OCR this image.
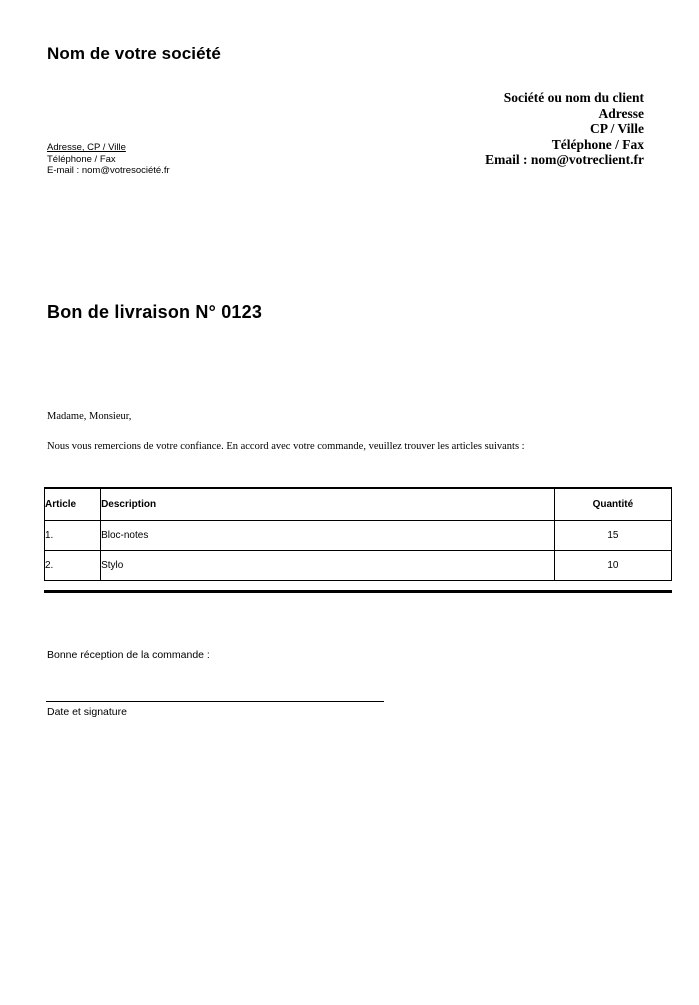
Nom de votre société
Société ou nom du client
Adresse
CP / Ville
Téléphone / Fax
Email : nom@votreclient.fr
Adresse, CP / Ville
Téléphone / Fax
E-mail : nom@votresociété.fr
Bon de livraison N° 0123
Madame, Monsieur,
Nous vous remercions de votre confiance. En accord avec votre commande, veuillez trouver les articles suivants :
Article	Description	Quantité
1.	Bloc-notes	15
2.	Stylo	10
Bonne réception de la commande :
Date et signature
